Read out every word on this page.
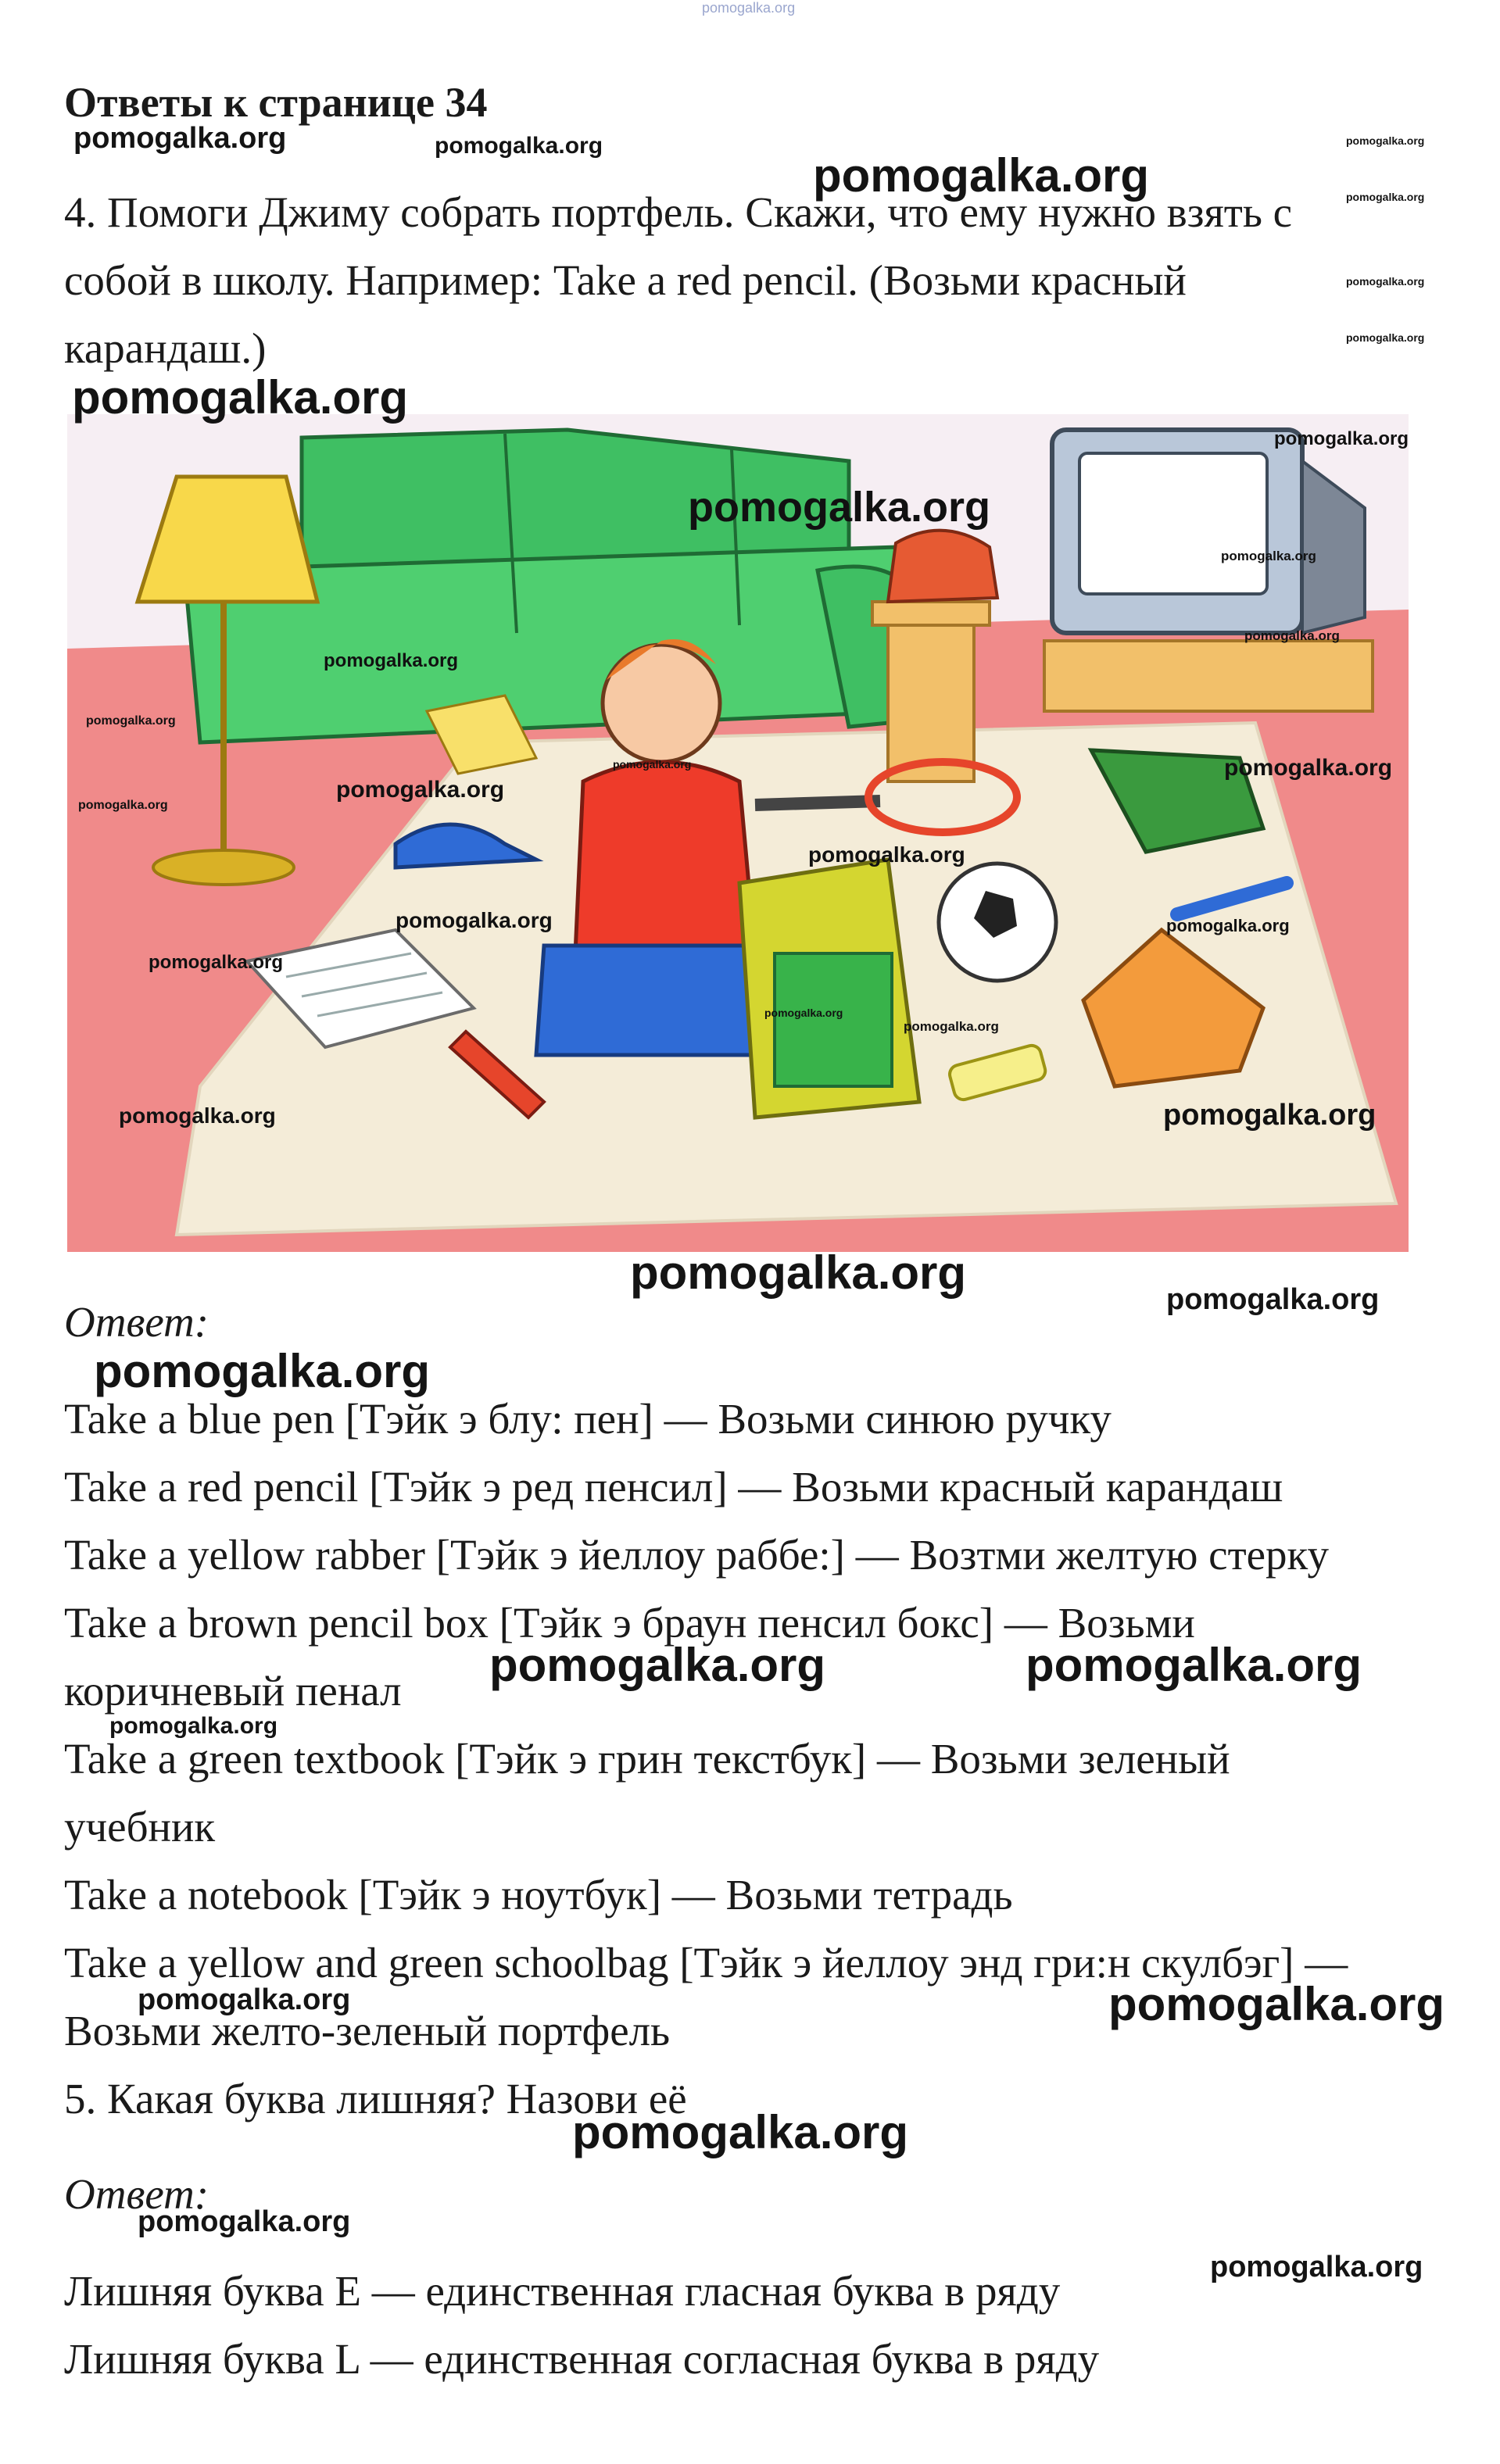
pomogalka.org
Ответы к странице 34
4. Помоги Джиму собрать портфель. Скажи, что ему нужно взять с
собой в школу. Например: Take a red pencil. (Возьми красный
карандаш.)
pomogalka.org
pomogalka.org
pomogalka.org
pomogalka.org
pomogalka.org
pomogalka.org
pomogalka.org	pomogalka.org
pomogalka.org
pomogalka.org
pomogalka.org
pomogalka.org	pomogalka.org
pomogalka.org
pomogalka.org
pomogalka.org
pomogalka.org	pomogalka.org
pomogalka.org	pomogalka.org	pomogalka.org
pomogalka.org	pomogalka.org
pomogalka.org
pomogalka.org
pomogalka.org
pomogalka.org
Ответ:	pomogalka.org
pomogalka.org
Take a blue pen [Тэйк э блу: пен] — Возьми синюю ручку
Take a red pencil [Тэйк э ред пенсил] — Возьми красный карандаш
Take a yellow rabber [Тэйк э йеллоу раббе:] — Возтми желтую стерку
Take a brown pencil box [Тэйк э браун пенсил бокс] — Возьми
коричневый пенал pomogalka.org	pomogalka.org
pomogalka.org
Take a green textbook [Тэйк э грин текстбук] — Возьми зеленый
учебник
Take a notebook [Тэйк э ноутбук] — Возьми тетрадь
Take a yellow and green schoolbag [Тэйк э йеллоу энд гри:н скулбэг] —
pomogalka.org	pomogalka.org
Возьми желто-зеленый портфель
5. Какая буква лишняя? Назови её
pomogalka.org
Ответ:
pomogalka.org
pomogalka.org
Лишняя буква E — единственная гласная буква в ряду
Лишняя буква L — единственная согласная буква в ряду
